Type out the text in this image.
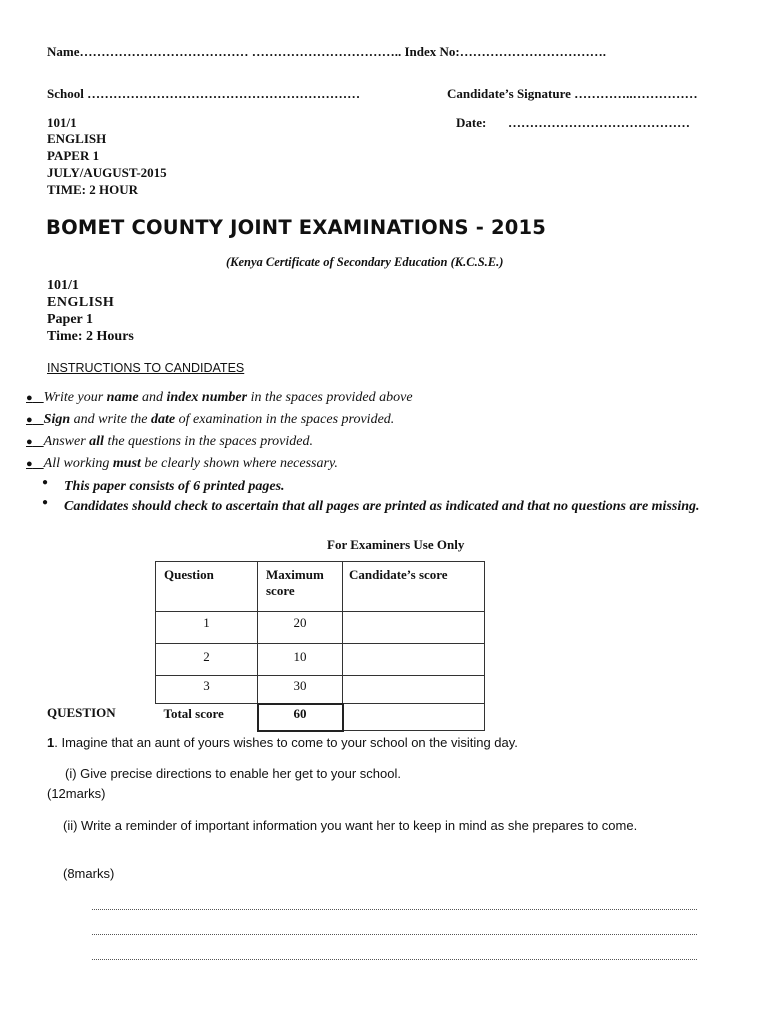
Name………………………………… …………………………….. Index No:…………………………….
School ………………………………………………………	Candidate’s Signature …………..……………
101/1	Date: ……………………………………
ENGLISH
PAPER 1
JULY/AUGUST-2015
TIME: 2 HOUR
BOMET COUNTY JOINT EXAMINATIONS - 2015
(Kenya Certificate of Secondary Education (K.C.S.E.)
101/1
ENGLISH
Paper 1
Time: 2 Hours
INSTRUCTIONS TO CANDIDATES
● Write your name and index number in the spaces provided above
● Sign and write the date of examination in the spaces provided.
● Answer all the questions in the spaces provided.
● All working must be clearly shown where necessary.
● This paper consists of 6 printed pages.
● Candidates should check to ascertain that all pages are printed as indicated and that no questions are missing.
For Examiners Use Only
Question	Maximum score	Candidate’s score

1	20	

2	10	

3	30	

Total score	60	

QUESTION
1. Imagine that an aunt of yours wishes to come to your school on the visiting day.
(i) Give precise directions to enable her get to your school.
(12marks)
(ii) Write a reminder of important information you want her to keep in mind as she prepares to come.
(8marks)
